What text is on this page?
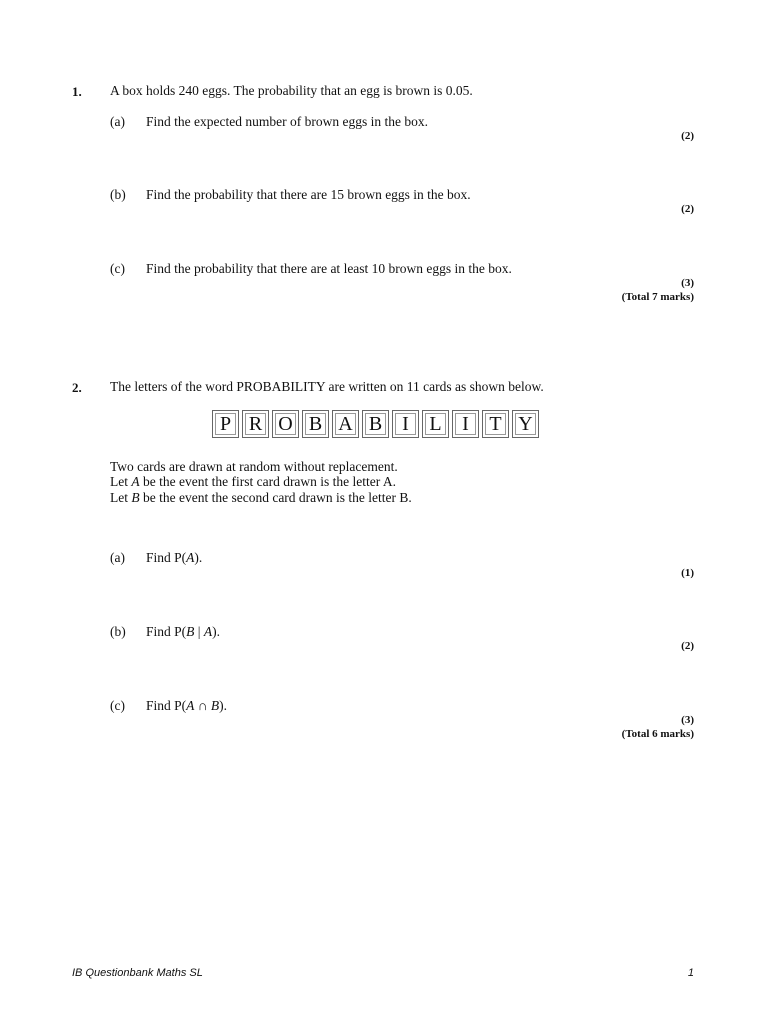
1. A box holds 240 eggs. The probability that an egg is brown is 0.05.
(a) Find the expected number of brown eggs in the box.
(2)
(b) Find the probability that there are 15 brown eggs in the box.
(2)
(c) Find the probability that there are at least 10 brown eggs in the box.
(3)
(Total 7 marks)
2. The letters of the word PROBABILITY are written on 11 cards as shown below.
P R O B A B I	L	I	T Y
Two cards are drawn at random without replacement.
Let A be the event the first card drawn is the letter A.
Let B be the event the second card drawn is the letter B.
(a) Find P(A).
(1)
(b) Find P(B | A).
(2)
(c) Find P(A ∩ B).
(3)
(Total 6 marks)
IB Questionbank Maths SL	1
